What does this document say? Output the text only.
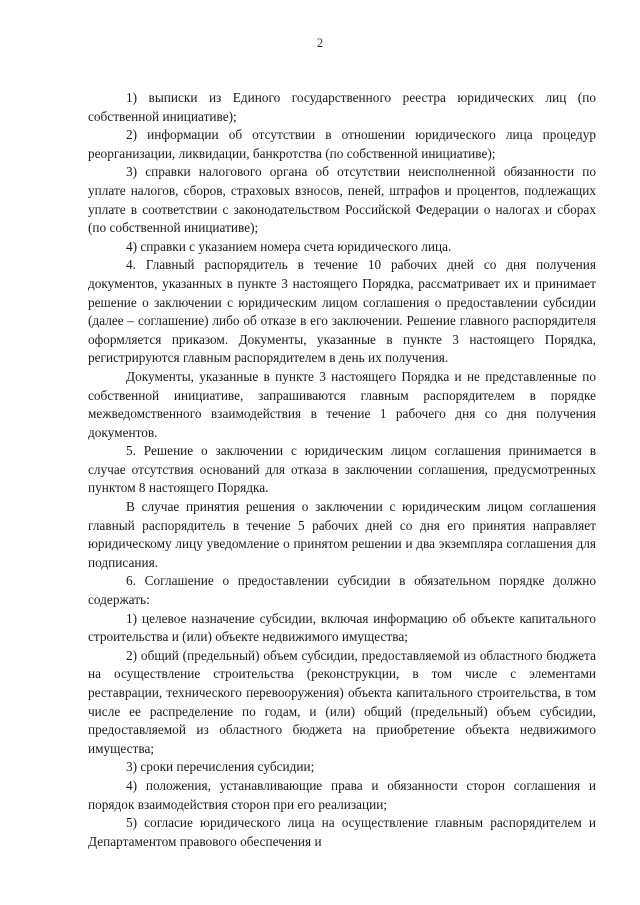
2

1) выписки из Единого государственного реестра юридических лиц (по собственной инициативе);

2) информации об отсутствии в отношении юридического лица процедур реорганизации, ликвидации, банкротства (по собственной инициативе);

3) справки налогового органа об отсутствии неисполненной обязанности по уплате налогов, сборов, страховых взносов, пеней, штрафов и процентов, подлежащих уплате в соответствии с законодательством Российской Федерации о налогах и сборах (по собственной инициативе);

4) справки с указанием номера счета юридического лица.

4. Главный распорядитель в течение 10 рабочих дней со дня получения документов, указанных в пункте 3 настоящего Порядка, рассматривает их и принимает решение о заключении с юридическим лицом соглашения о предоставлении субсидии (далее – соглашение) либо об отказе в его заключении. Решение главного распорядителя оформляется приказом. Документы, указанные в пункте 3 настоящего Порядка, регистрируются главным распорядителем в день их получения.

Документы, указанные в пункте 3 настоящего Порядка и не представленные по собственной инициативе, запрашиваются главным распорядителем в порядке межведомственного взаимодействия в течение 1 рабочего дня со дня получения документов.

5. Решение о заключении с юридическим лицом соглашения принимается в случае отсутствия оснований для отказа в заключении соглашения, предусмотренных пунктом 8 настоящего Порядка.

В случае принятия решения о заключении с юридическим лицом соглашения главный распорядитель в течение 5 рабочих дней со дня его принятия направляет юридическому лицу уведомление о принятом решении и два экземпляра соглашения для подписания.

6. Соглашение о предоставлении субсидии в обязательном порядке должно содержать:

1) целевое назначение субсидии, включая информацию об объекте капитального строительства и (или) объекте недвижимого имущества;

2) общий (предельный) объем субсидии, предоставляемой из областного бюджета на осуществление строительства (реконструкции, в том числе с элементами реставрации, технического перевооружения) объекта капитального строительства, в том числе ее распределение по годам, и (или) общий (предельный) объем субсидии, предоставляемой из областного бюджета на приобретение объекта недвижимого имущества;

3) сроки перечисления субсидии;

4) положения, устанавливающие права и обязанности сторон соглашения и порядок взаимодействия сторон при его реализации;

5) согласие юридического лица на осуществление главным распорядителем и Департаментом правового обеспечения и
